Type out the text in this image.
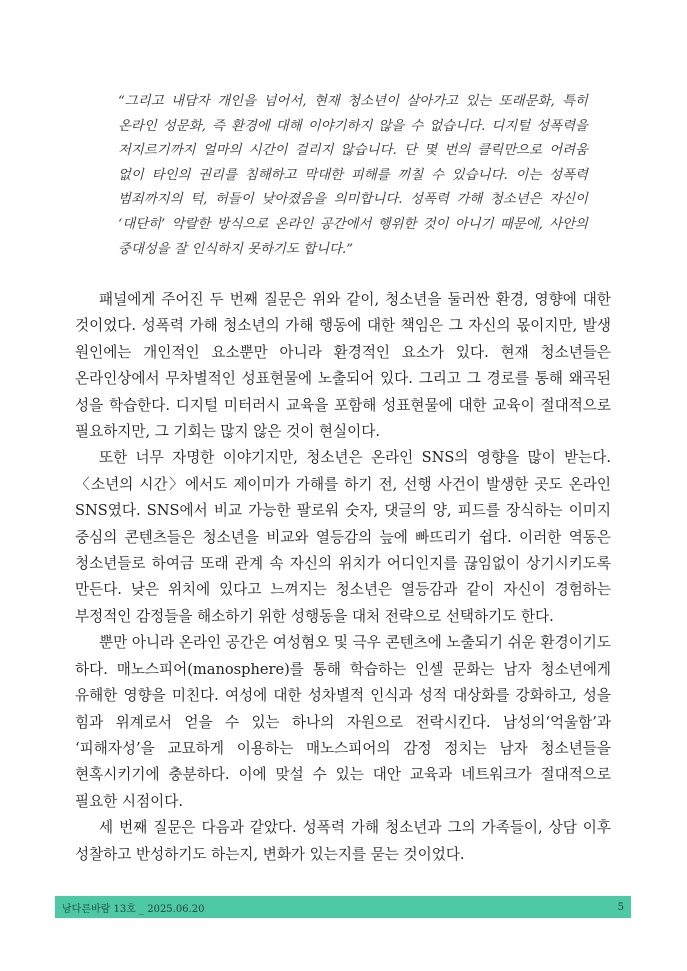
“그리고 내담자 개인을 넘어서, 현재 청소년이 살아가고 있는 또래문화, 특히 온라인 성문화, 즉 환경에 대해 이야기하지 않을 수 없습니다. 디지털 성폭력을 저지르기까지 얼마의 시간이 걸리지 않습니다. 단 몇 번의 클릭만으로 어려움 없이 타인의 권리를 침해하고 막대한 피해를 끼칠 수 있습니다. 이는 성폭력 범죄까지의 턱, 허들이 낮아졌음을 의미합니다. 성폭력 가해 청소년은 자신이 ‘대단히’ 악랄한 방식으로 온라인 공간에서 행위한 것이 아니기 때문에, 사안의 중대성을 잘 인식하지 못하기도 합니다.”

패널에게 주어진 두 번째 질문은 위와 같이, 청소년을 둘러싼 환경, 영향에 대한 것이었다. 성폭력 가해 청소년의 가해 행동에 대한 책임은 그 자신의 몫이지만, 발생 원인에는 개인적인 요소뿐만 아니라 환경적인 요소가 있다. 현재 청소년들은 온라인상에서 무차별적인 성표현물에 노출되어 있다. 그리고 그 경로를 통해 왜곡된 성을 학습한다. 디지털 미터러시 교육을 포함해 성표현물에 대한 교육이 절대적으로 필요하지만, 그 기회는 많지 않은 것이 현실이다.

또한 너무 자명한 이야기지만, 청소년은 온라인 SNS의 영향을 많이 받는다. 〈소년의 시간〉에서도 제이미가 가해를 하기 전, 선행 사건이 발생한 곳도 온라인 SNS였다. SNS에서 비교 가능한 팔로워 숫자, 댓글의 양, 피드를 장식하는 이미지 중심의 콘텐츠들은 청소년을 비교와 열등감의 늪에 빠뜨리기 쉽다. 이러한 역동은 청소년들로 하여금 또래 관계 속 자신의 위치가 어디인지를 끊임없이 상기시키도록 만든다. 낮은 위치에 있다고 느껴지는 청소년은 열등감과 같이 자신이 경험하는 부정적인 감정들을 해소하기 위한 성행동을 대처 전략으로 선택하기도 한다.

뿐만 아니라 온라인 공간은 여성혐오 및 극우 콘텐츠에 노출되기 쉬운 환경이기도 하다. 매노스피어(manosphere)를 통해 학습하는 인셀 문화는 남자 청소년에게 유해한 영향을 미친다. 여성에 대한 성차별적 인식과 성적 대상화를 강화하고, 성을 힘과 위계로서 얻을 수 있는 하나의 자원으로 전락시킨다. 남성의‘억울함’과 ‘피해자성’을 교묘하게 이용하는 매노스피어의 감정 정치는 남자 청소년들을 현혹시키기에 충분하다. 이에 맞설 수 있는 대안 교육과 네트워크가 절대적으로 필요한 시점이다.

세 번째 질문은 다음과 같았다. 성폭력 가해 청소년과 그의 가족들이, 상담 이후 성찰하고 반성하기도 하는지, 변화가 있는지를 묻는 것이었다.

남다른바람 13호 _ 2025.06.20	5
